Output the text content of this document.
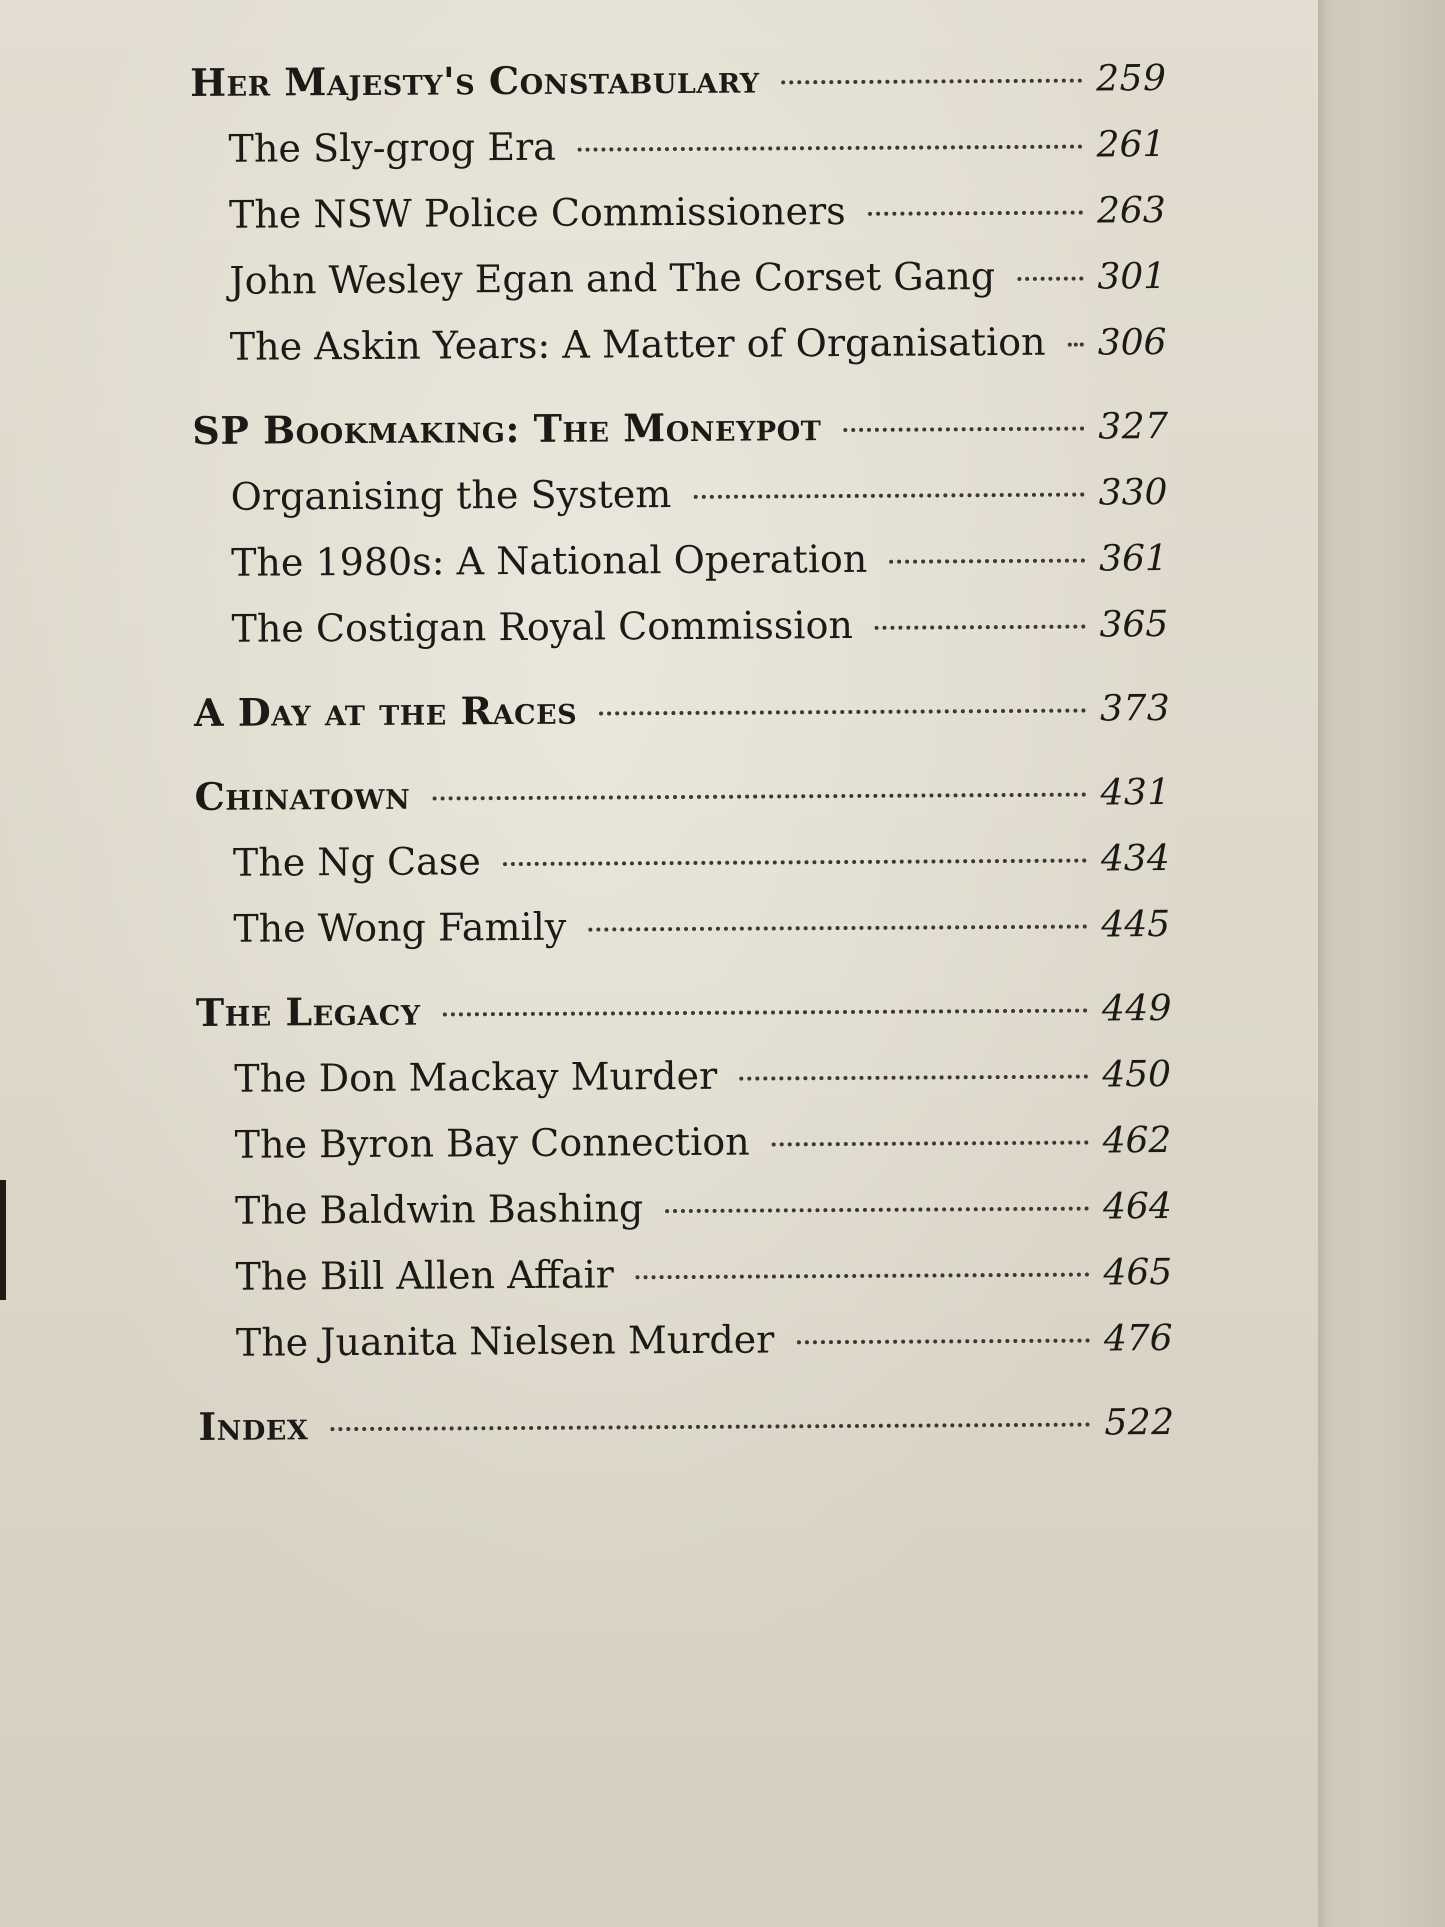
Her Majesty's Constabulary	259
The Sly-grog Era	261
The NSW Police Commissioners	263
John Wesley Egan and The Corset Gang	301
The Askin Years: A Matter of Organisation 306
SP Bookmaking: The Moneypot	327
Organising the System	330
The 1980s: A National Operation	361
The Costigan Royal Commission	365
A Day at the Races	373
Chinatown	431
The Ng Case	434
The Wong Family	445
The Legacy	449
The Don Mackay Murder	450
The Byron Bay Connection	462
The Baldwin Bashing	464
The Bill Allen Affair	465
The Juanita Nielsen Murder	476
Index	522
